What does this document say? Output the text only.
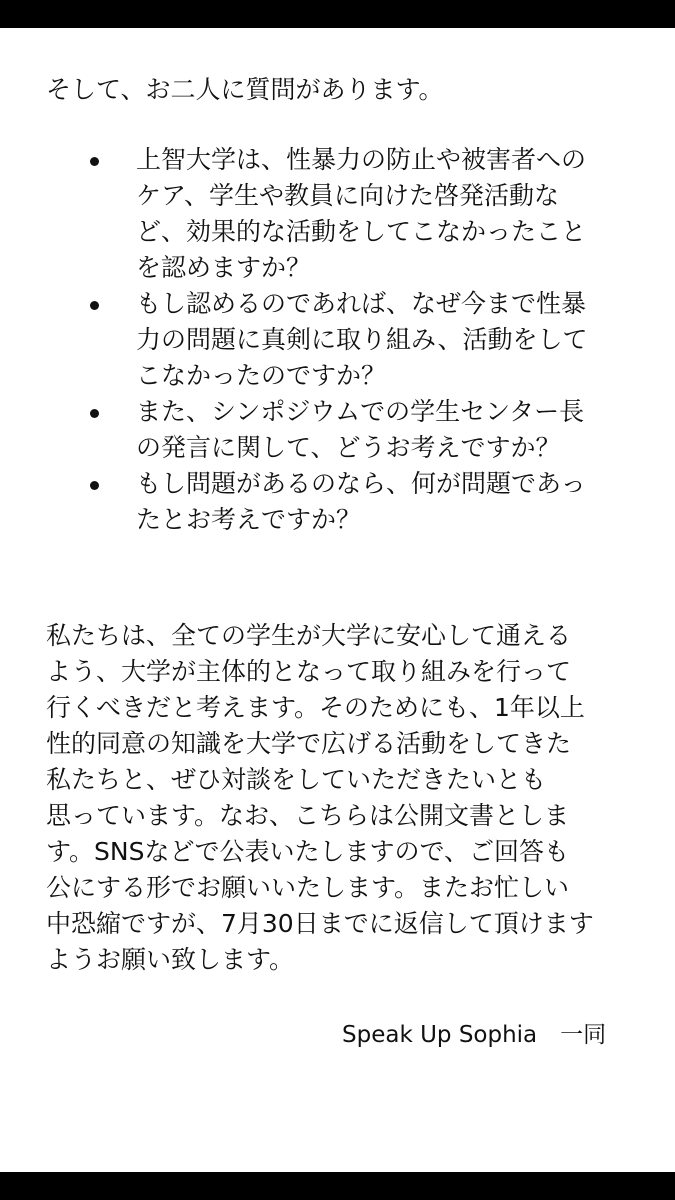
そして、お二人に質問があります。

上智大学は、性暴力の防止や被害者への
ケア、学生や教員に向けた啓発活動な
ど、効果的な活動をしてこなかったこと
を認めますか？
もし認めるのであれば、なぜ今まで性暴
力の問題に真剣に取り組み、活動をして
こなかったのですか？
また、シンポジウムでの学生センター長
の発言に関して、どうお考えですか？
もし問題があるのなら、何が問題であっ
たとお考えですか？

私たちは、全ての学生が大学に安心して通える
よう、大学が主体的となって取り組みを行って
行くべきだと考えます。そのためにも、1年以上
性的同意の知識を大学で広げる活動をしてきた
私たちと、ぜひ対談をしていただきたいとも
思っています。なお、こちらは公開文書としま
す。SNSなどで公表いたしますので、ご回答も
公にする形でお願いいたします。またお忙しい
中恐縮ですが、7月30日までに返信して頂けます
ようお願い致します。

Speak Up Sophia　一同
